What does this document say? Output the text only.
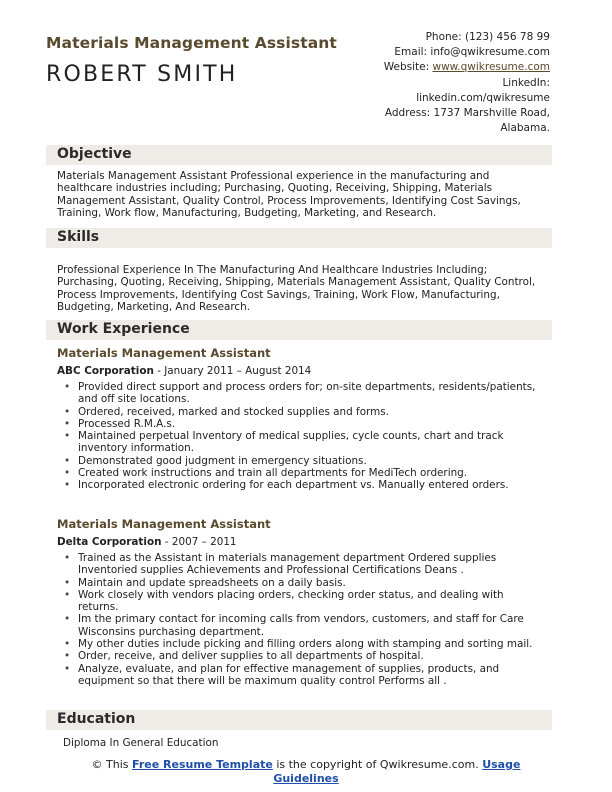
Materials Management Assistant
ROBERT SMITH
Phone: (123) 456 78 99
Email: info@qwikresume.com
Website: www.qwikresume.com
LinkedIn:
linkedin.com/qwikresume
Address: 1737 Marshville Road,
Alabama.
Objective
Materials Management Assistant Professional experience in the manufacturing and healthcare industries including; Purchasing, Quoting, Receiving, Shipping, Materials Management Assistant, Quality Control, Process Improvements, Identifying Cost Savings, Training, Work flow, Manufacturing, Budgeting, Marketing, and Research.
Skills
Professional Experience In The Manufacturing And Healthcare Industries Including; Purchasing, Quoting, Receiving, Shipping, Materials Management Assistant, Quality Control, Process Improvements, Identifying Cost Savings, Training, Work Flow, Manufacturing, Budgeting, Marketing, And Research.
Work Experience
Materials Management Assistant
ABC Corporation - January 2011 – August 2014
• Provided direct support and process orders for; on-site departments, residents/patients, and off site locations.
• Ordered, received, marked and stocked supplies and forms.
• Processed R.M.A.s.
• Maintained perpetual Inventory of medical supplies, cycle counts, chart and track inventory information.
• Demonstrated good judgment in emergency situations.
• Created work instructions and train all departments for MediTech ordering.
• Incorporated electronic ordering for each department vs. Manually entered orders.
Materials Management Assistant
Delta Corporation - 2007 – 2011
• Trained as the Assistant in materials management department Ordered supplies Inventoried supplies Achievements and Professional Certifications Deans .
• Maintain and update spreadsheets on a daily basis.
• Work closely with vendors placing orders, checking order status, and dealing with returns.
• Im the primary contact for incoming calls from vendors, customers, and staff for Care Wisconsins purchasing department.
• My other duties include picking and filling orders along with stamping and sorting mail.
• Order, receive, and deliver supplies to all departments of hospital.
• Analyze, evaluate, and plan for effective management of supplies, products, and equipment so that there will be maximum quality control Performs all .
Education
Diploma In General Education
© This Free Resume Template is the copyright of Qwikresume.com. Usage
Guidelines
